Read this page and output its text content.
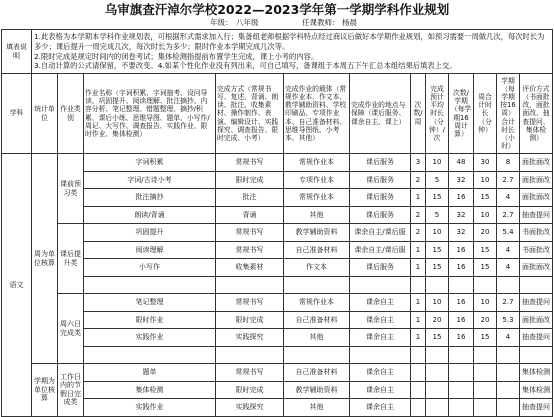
乌审旗查汗淖尔学校2022—2023学年第一学期学科作业规划
年级： 八年级	任课教师： 杨晨
填表说明	1.此表格为本学期本学科作业规划表，可根据形式需求加入行；集备组老师根据学科特点经过商议后做好本学期作业规划，如预习需要一周做几次，每次时长为多少；课后提升一周完成几次，每次时长为多少；限时作业本学期完成几次等。
2.限时完成是规定时间内的闭卷考试；集体检测指提前布置学生完成，课上小考的内容。
3.自动计算的公式请保留，不要改变。4.如某个性化作业没有列出来，可自己填写，备课组于本周五下午汇总本组结果后填表上交。											

学科	统计单位	作业类别	作业名称（字词积累、字词抽考、设问导读、巩固提升、阅读理解、批注摘抄、内容分析、笔记整理、错题整理、摘抄/积累、课后小练、思维导图、题单、小写作/周记、大写作、调查报告、实践作业、限时作业、集体检测）	完成方式（常规书写、复述、背诵、朗读、批注、收集素材、操作制作、表演、编辑设计、实践探究、调查报告、限时完成、小考）	完成作业的载体（常规作业本、作文本、教学辅助资料、学校印刷品、专项作业本、自己准备材料、思维导图纸、小考本、其他）	完成作业的地点与保障（课后服务、课余自主、课上）	次数/周	完成预计平均时长（分钟）/次	次数/学期（每学期16周计算）	周合计时长（分钟）	学期（每学期按16周）合计时长（小时）	评价方式（书面批改、面批面改、抽查提问、集体检测）
语文	周为单位核算	课前预习类	字词积累	常规书写	常规作业本	课后服务	3	10	48	30	8	面批面改
			字词/古诗小考	限时完成	专项作业本	课后服务	2	5	32	10	2.7	面批面改
			批注摘抄	批注	常规作业本	课后服务	1	15	16	15	4	面批面改
			朗读/背诵	背诵	其他	课后服务	2	5	32	10	2.7	抽查提问
		课后提升类	巩固提升	常规书写	教学辅助资料	课余自主/课后服	2	10	32	20	5.4	书面批改
			阅读理解	常规书写	自己准备材料	课余自主/课后服	1	15	16	15	4	书面批改
			小写作	收集素材	作文本	课后服务	1	15	16	15	4	面批面改

		周六日完成类	笔记整理	常规书写	常规作业本	课余自主	1	10	16	10	2.7	抽查提问
			限时作业	限时完成	自己准备材料	课余自主	1	20	16	20	5.3	面批面改
			实践作业	实践探究	其他	课余自主	1	15	16	15	4	抽查提问

	学期为单位核算	工作日内的节假日完成类	题单	常规书写	自己准备材料	课余自主						集体检测
			集体检测	限时完成	教学辅助资料	课余自主						集体检测
			实践作业	实践探究	其他	课余自主						抽查提问
